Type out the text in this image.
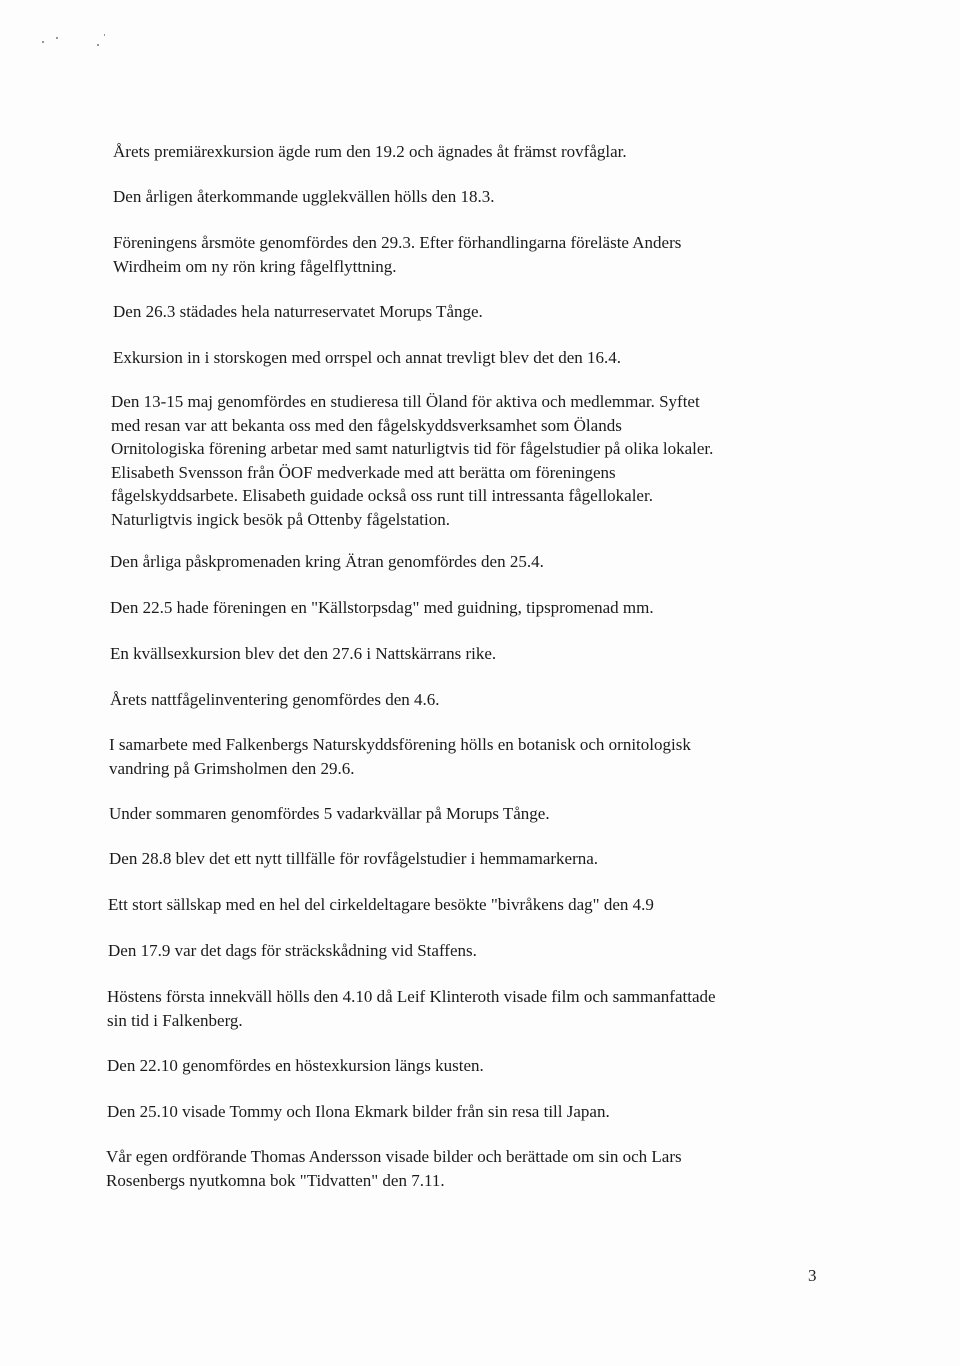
Årets premiärexkursion ägde rum den 19.2 och ägnades åt främst rovfåglar.

Den årligen återkommande ugglekvällen hölls den 18.3.

Föreningens årsmöte genomfördes den 29.3. Efter förhandlingarna föreläste Anders
Wirdheim om ny rön kring fågelflyttning.

Den 26.3 städades hela naturreservatet Morups Tånge.

Exkursion in i storskogen med orrspel och annat trevligt blev det den 16.4.

Den 13-15 maj genomfördes en studieresa till Öland för aktiva och medlemmar. Syftet
med resan var att bekanta oss med den fågelskyddsverksamhet som Ölands
Ornitologiska förening arbetar med samt naturligtvis tid för fågelstudier på olika lokaler.
Elisabeth Svensson från ÖOF medverkade med att berätta om föreningens
fågelskyddsarbete. Elisabeth guidade också oss runt till intressanta fågellokaler.
Naturligtvis ingick besök på Ottenby fågelstation.

Den årliga påskpromenaden kring Ätran genomfördes den 25.4.

Den 22.5 hade föreningen en "Källstorpsdag" med guidning, tipspromenad mm.

En kvällsexkursion blev det den 27.6 i Nattskärrans rike.

Årets nattfågelinventering genomfördes den 4.6.

I samarbete med Falkenbergs Naturskyddsförening hölls en botanisk och ornitologisk
vandring på Grimsholmen den 29.6.

Under sommaren genomfördes 5 vadarkvällar på Morups Tånge.

Den 28.8 blev det ett nytt tillfälle för rovfågelstudier i hemmamarkerna.

Ett stort sällskap med en hel del cirkeldeltagare besökte "bivråkens dag" den 4.9

Den 17.9 var det dags för sträckskådning vid Staffens.

Höstens första innekväll hölls den 4.10 då Leif Klinteroth visade film och sammanfattade
sin tid i Falkenberg.

Den 22.10 genomfördes en höstexkursion längs kusten.

Den 25.10 visade Tommy och Ilona Ekmark bilder från sin resa till Japan.

Vår egen ordförande Thomas Andersson visade bilder och berättade om sin och Lars
Rosenbergs nyutkomna bok "Tidvatten" den 7.11.

3
